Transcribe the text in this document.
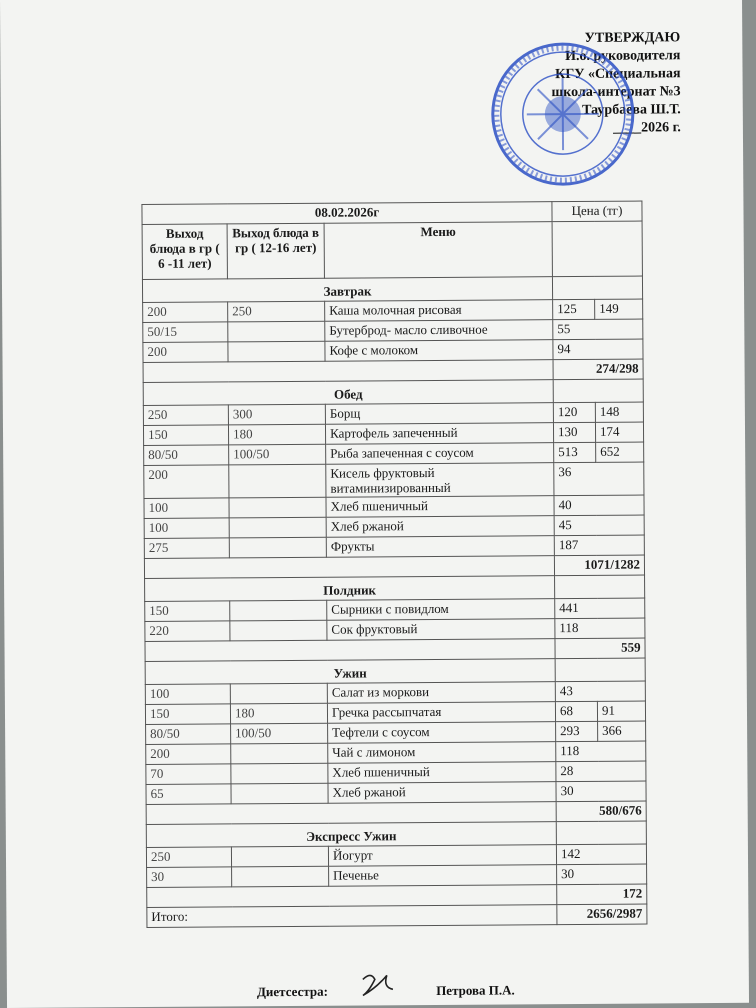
УТВЕРЖДАЮ
И.о. руководителя
КГУ «Специальная
школа-интернат №3
Таурбаева Ш.Т.
____2026 г.
08.02.2026г			Цена (тг)	
Выход блюда в гр ( 6 -11 лет)	Выход блюда в гр ( 12-16 лет)	Меню		
Завтрак				
200	250	Каша молочная рисовая	125	149
50/15		Бутерброд- масло сливочное	55	
200		Кофе с молоком	94	
			274/298	
Обед				
250	300	Борщ	120	148
150	180	Картофель запеченный	130	174
80/50	100/50	Рыба запеченная с соусом	513	652
200		Кисель фруктовый витаминизированный	36	
100		Хлеб пшеничный	40	
100		Хлеб ржаной	45	
275		Фрукты	187	
			1071/1282	
Полдник				
150		Сырники с повидлом	441	
220		Сок фруктовый	118	
			559	
Ужин				
100		Салат из моркови	43	
150	180	Гречка рассыпчатая	68	91
80/50	100/50	Тефтели с соусом	293	366
200		Чай с лимоном	118	
70		Хлеб пшеничный	28	
65		Хлеб ржаной	30	
			580/676	
Экспресс Ужин				
250		Йогурт	142	
30		Печенье	30	
			172	
Итого:			2656/2987	
Диетсестра:	Петрова П.А.
